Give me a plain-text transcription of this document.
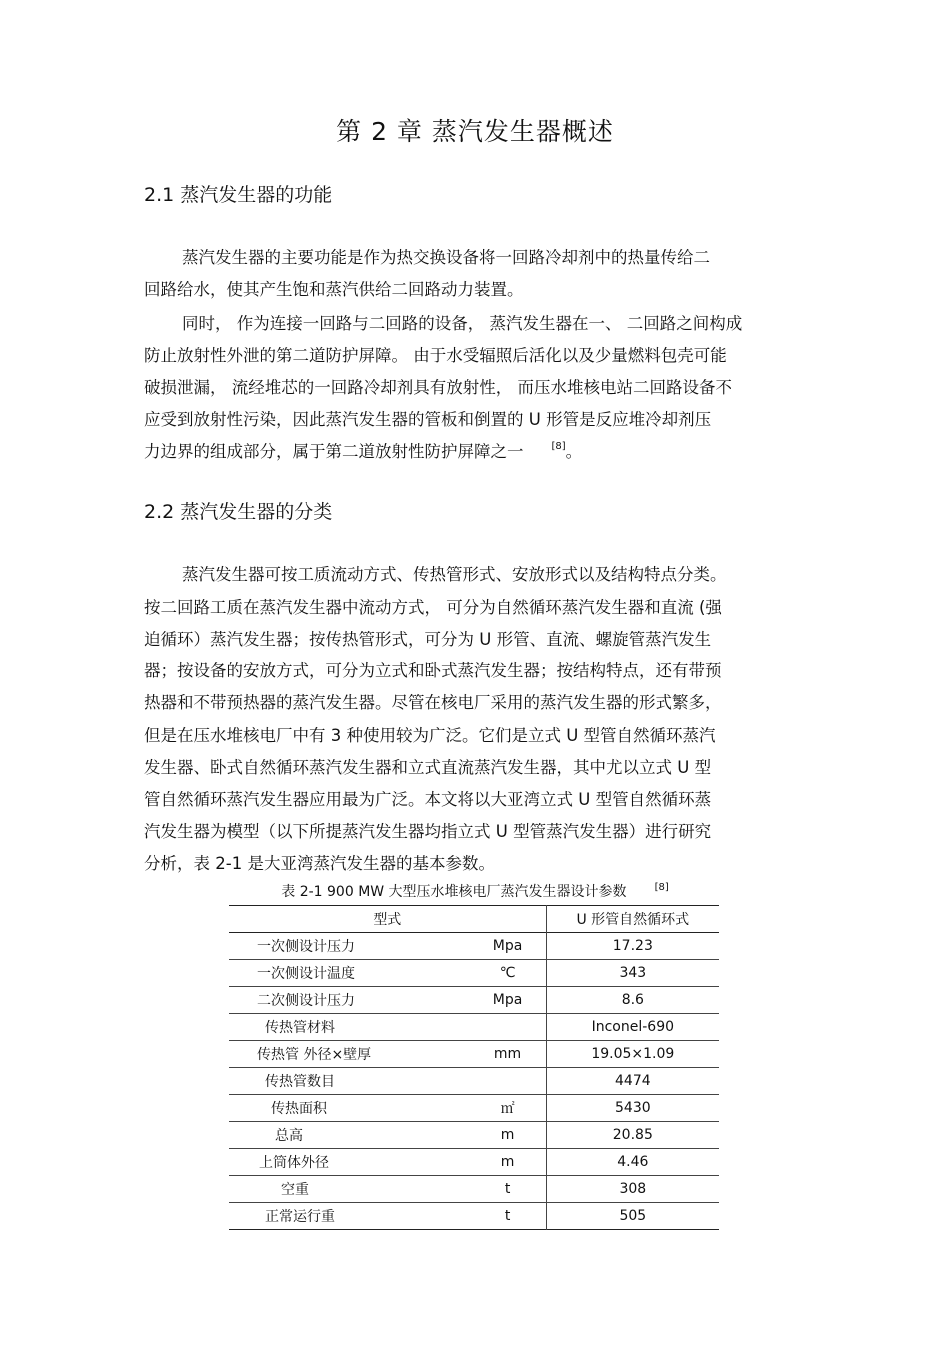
第 2 章 蒸汽发生器概述
2.1 蒸汽发生器的功能
蒸汽发生器的主要功能是作为热交换设备将一回路冷却剂中的热量传给二
回路给水，使其产生饱和蒸汽供给二回路动力装置。
同时， 作为连接一回路与二回路的设备， 蒸汽发生器在一、 二回路之间构成
防止放射性外泄的第二道防护屏障。 由于水受辐照后活化以及少量燃料包壳可能
破损泄漏， 流经堆芯的一回路冷却剂具有放射性， 而压水堆核电站二回路设备不
应受到放射性污染，因此蒸汽发生器的管板和倒置的 U 形管是反应堆冷却剂压
力边界的组成部分，属于第二道放射性防护屏障之一	[8]。
2.2 蒸汽发生器的分类
蒸汽发生器可按工质流动方式、传热管形式、安放形式以及结构特点分类。
按二回路工质在蒸汽发生器中流动方式， 可分为自然循环蒸汽发生器和直流 (强
迫循环）蒸汽发生器；按传热管形式，可分为 U 形管、直流、螺旋管蒸汽发生
器；按设备的安放方式，可分为立式和卧式蒸汽发生器；按结构特点，还有带预
热器和不带预热器的蒸汽发生器。尽管在核电厂采用的蒸汽发生器的形式繁多，
但是在压水堆核电厂中有 3 种使用较为广泛。它们是立式 U 型管自然循环蒸汽
发生器、卧式自然循环蒸汽发生器和立式直流蒸汽发生器，其中尤以立式 U 型
管自然循环蒸汽发生器应用最为广泛。本文将以大亚湾立式 U 型管自然循环蒸
汽发生器为模型（以下所提蒸汽发生器均指立式 U 型管蒸汽发生器）进行研究
分析，表 2-1 是大亚湾蒸汽发生器的基本参数。
表 2-1 900 MW 大型压水堆核电厂蒸汽发生器设计参数	[8]
型式		U 形管自然循环式
一次侧设计压力	Mpa	17.23
一次侧设计温度	℃	343
二次侧设计压力	Mpa	8.6
传热管材料		Inconel-690
传热管 外径×壁厚	mm	19.05×1.09
传热管数目		4474
传热面积	㎡	5430
总高	m	20.85
上筒体外径	m	4.46
空重	t	308
正常运行重	t	505
